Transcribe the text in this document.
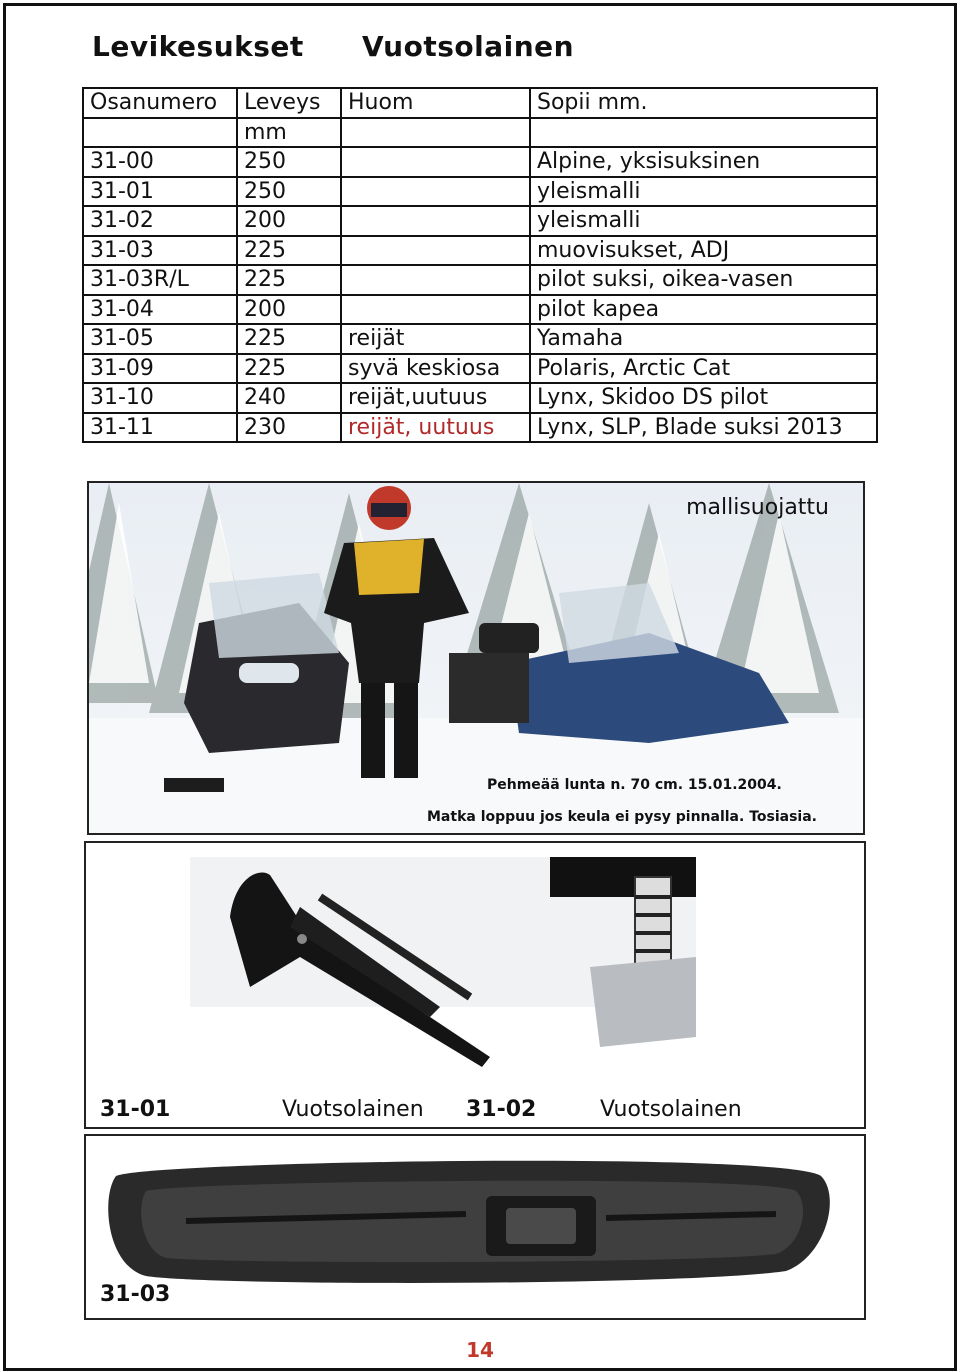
Levikesukset Vuotsolainen
Osanumero	Leveys	Huom	Sopii mm.
	mm		
31-00	250		Alpine, yksisuksinen
31-01	250		yleismalli
31-02	200		yleismalli
31-03	225		muovisukset, ADJ
31-03R/L	225		pilot suksi, oikea-vasen
31-04	200		pilot kapea
31-05	225	reijät	Yamaha
31-09	225	syvä keskiosa	Polaris, Arctic Cat
31-10	240	reijät,uutuus	Lynx, Skidoo DS pilot
31-11	230	reijät, uutuus	Lynx, SLP, Blade suksi 2013
Pehmeää lunta n. 70 cm. 15.01.2004.
Matka loppuu jos keula ei pysy pinnalla. Tosiasia.
mallisuojattu
31-01	Vuotsolainen 31-02	Vuotsolainen
31-03
14
